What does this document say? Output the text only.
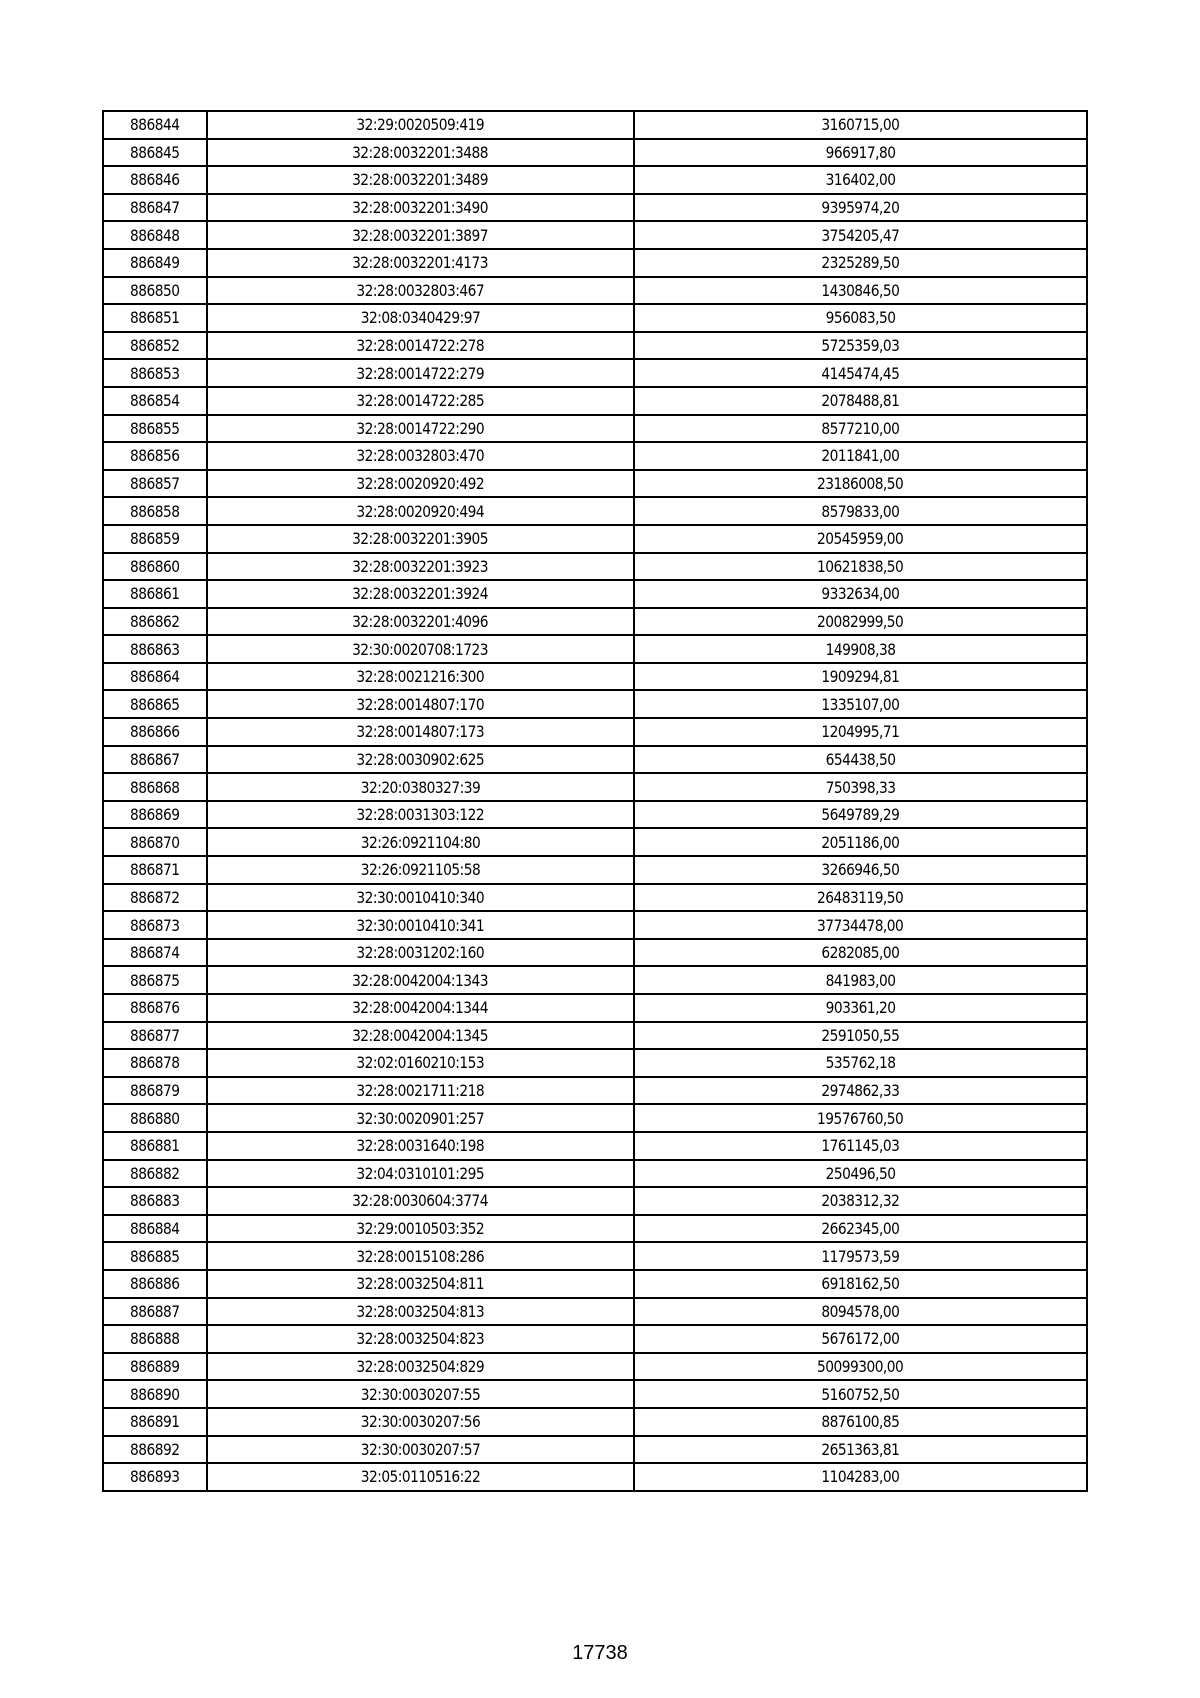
886844	32:29:0020509:419	3160715,00
886845	32:28:0032201:3488	966917,80
886846	32:28:0032201:3489	316402,00
886847	32:28:0032201:3490	9395974,20
886848	32:28:0032201:3897	3754205,47
886849	32:28:0032201:4173	2325289,50
886850	32:28:0032803:467	1430846,50
886851	32:08:0340429:97	956083,50
886852	32:28:0014722:278	5725359,03
886853	32:28:0014722:279	4145474,45
886854	32:28:0014722:285	2078488,81
886855	32:28:0014722:290	8577210,00
886856	32:28:0032803:470	2011841,00
886857	32:28:0020920:492	23186008,50
886858	32:28:0020920:494	8579833,00
886859	32:28:0032201:3905	20545959,00
886860	32:28:0032201:3923	10621838,50
886861	32:28:0032201:3924	9332634,00
886862	32:28:0032201:4096	20082999,50
886863	32:30:0020708:1723	149908,38
886864	32:28:0021216:300	1909294,81
886865	32:28:0014807:170	1335107,00
886866	32:28:0014807:173	1204995,71
886867	32:28:0030902:625	654438,50
886868	32:20:0380327:39	750398,33
886869	32:28:0031303:122	5649789,29
886870	32:26:0921104:80	2051186,00
886871	32:26:0921105:58	3266946,50
886872	32:30:0010410:340	26483119,50
886873	32:30:0010410:341	37734478,00
886874	32:28:0031202:160	6282085,00
886875	32:28:0042004:1343	841983,00
886876	32:28:0042004:1344	903361,20
886877	32:28:0042004:1345	2591050,55
886878	32:02:0160210:153	535762,18
886879	32:28:0021711:218	2974862,33
886880	32:30:0020901:257	19576760,50
886881	32:28:0031640:198	1761145,03
886882	32:04:0310101:295	250496,50
886883	32:28:0030604:3774	2038312,32
886884	32:29:0010503:352	2662345,00
886885	32:28:0015108:286	1179573,59
886886	32:28:0032504:811	6918162,50
886887	32:28:0032504:813	8094578,00
886888	32:28:0032504:823	5676172,00
886889	32:28:0032504:829	50099300,00
886890	32:30:0030207:55	5160752,50
886891	32:30:0030207:56	8876100,85
886892	32:30:0030207:57	2651363,81
886893	32:05:0110516:22	1104283,00
17738
